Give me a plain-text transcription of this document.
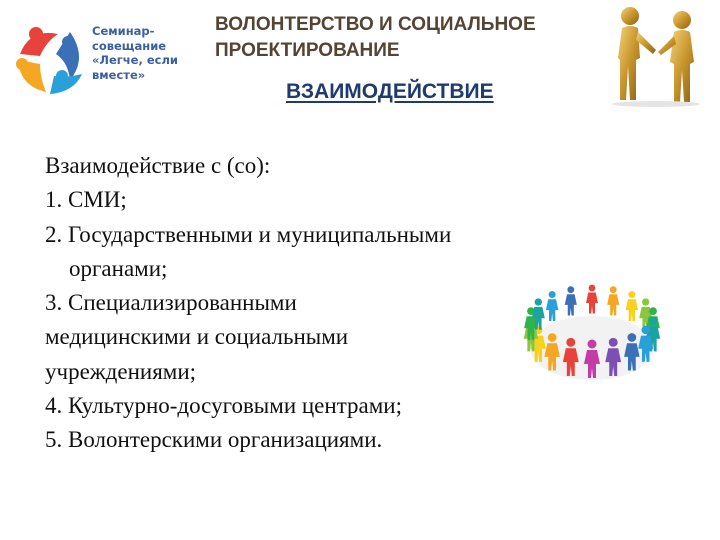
Семинар-
совещание
«Легче, если
вместе»
ВОЛОНТЕРСТВО И СОЦИАЛЬНОЕ
ПРОЕКТИРОВАНИЕ
ВЗАИМОДЕЙСТВИЕ
Взаимодействие с (со):
1. СМИ;
2. Государственными и муниципальными
органами;
3. Специализированными
медицинскими и социальными
учреждениями;
4. Культурно-досуговыми центрами;
5. Волонтерскими организациями.
